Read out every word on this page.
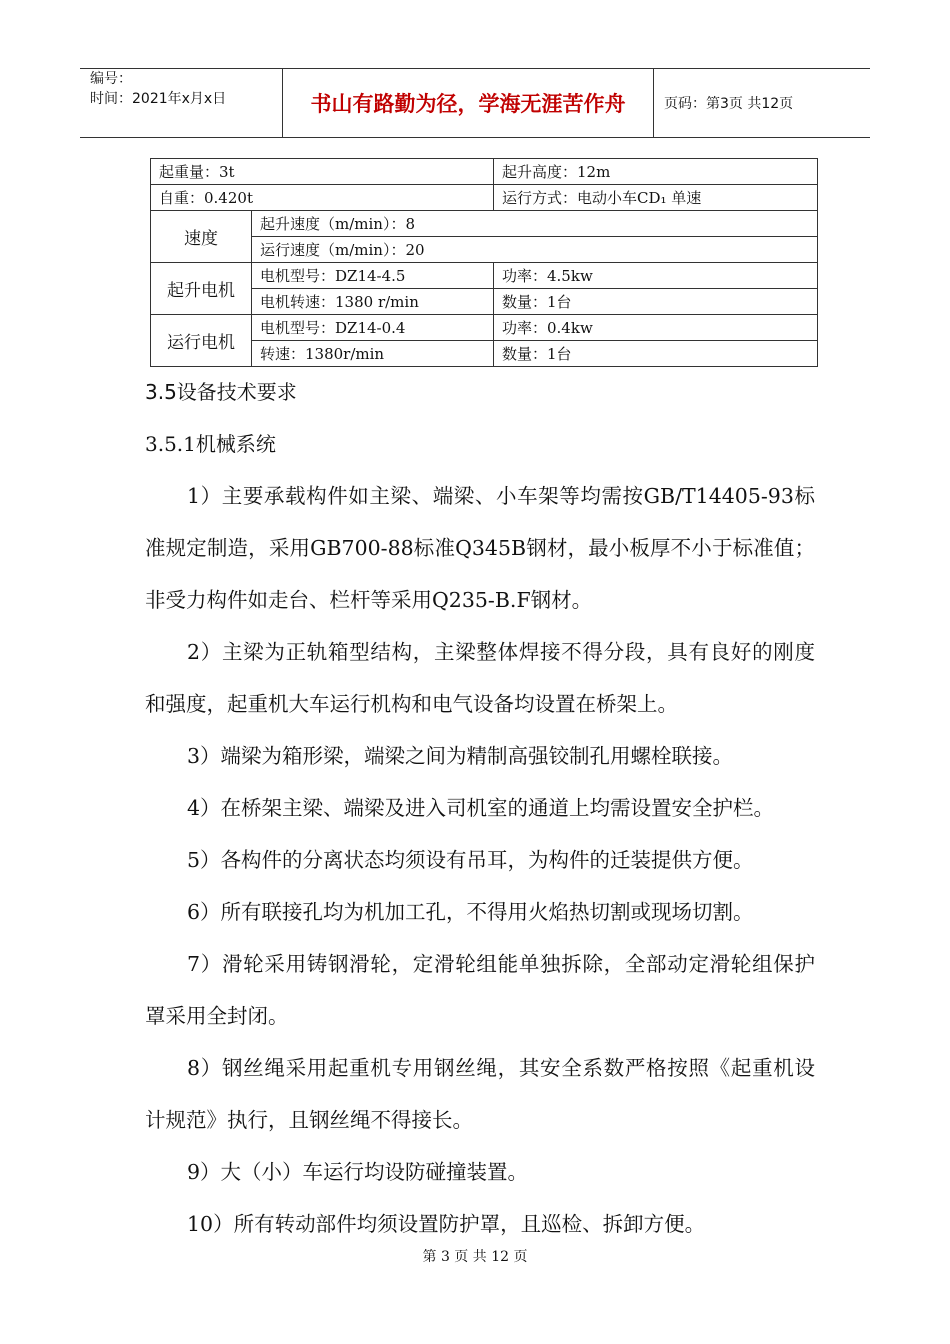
编号：
时间：2021年x月x日	书山有路勤为径，学海无涯苦作舟	页码：第3页 共12页
起重量：3t		起升高度：12m
自重：0.420t		运行方式：电动小车CD₁ 单速
速度	起升速度（m/min）：8	
	运行速度（m/min）：20	
起升电机	电机型号：DZ14-4.5	功率：4.5kw
	电机转速：1380 r/min	数量：1台
运行电机	电机型号：DZ14-0.4	功率：0.4kw
	转速：1380r/min	数量：1台
3.5设备技术要求
3.5.1机械系统

1）主要承载构件如主梁、端梁、小车架等均需按GB/T14405-93标准规定制造，采用GB700-88标准Q345B钢材，最小板厚不小于标准值；非受力构件如走台、栏杆等采用Q235-B.F钢材。

2）主梁为正轨箱型结构，主梁整体焊接不得分段，具有良好的刚度和强度，起重机大车运行机构和电气设备均设置在桥架上。

3）端梁为箱形梁，端梁之间为精制高强铰制孔用螺栓联接。

4）在桥架主梁、端梁及进入司机室的通道上均需设置安全护栏。

5）各构件的分离状态均须设有吊耳，为构件的迁装提供方便。

6）所有联接孔均为机加工孔，不得用火焰热切割或现场切割。

7）滑轮采用铸钢滑轮，定滑轮组能单独拆除，全部动定滑轮组保护罩采用全封闭。

8）钢丝绳采用起重机专用钢丝绳，其安全系数严格按照《起重机设计规范》执行，且钢丝绳不得接长。

9）大（小）车运行均设防碰撞装置。

10）所有转动部件均须设置防护罩，且巡检、拆卸方便。

第 3 页 共 12 页
